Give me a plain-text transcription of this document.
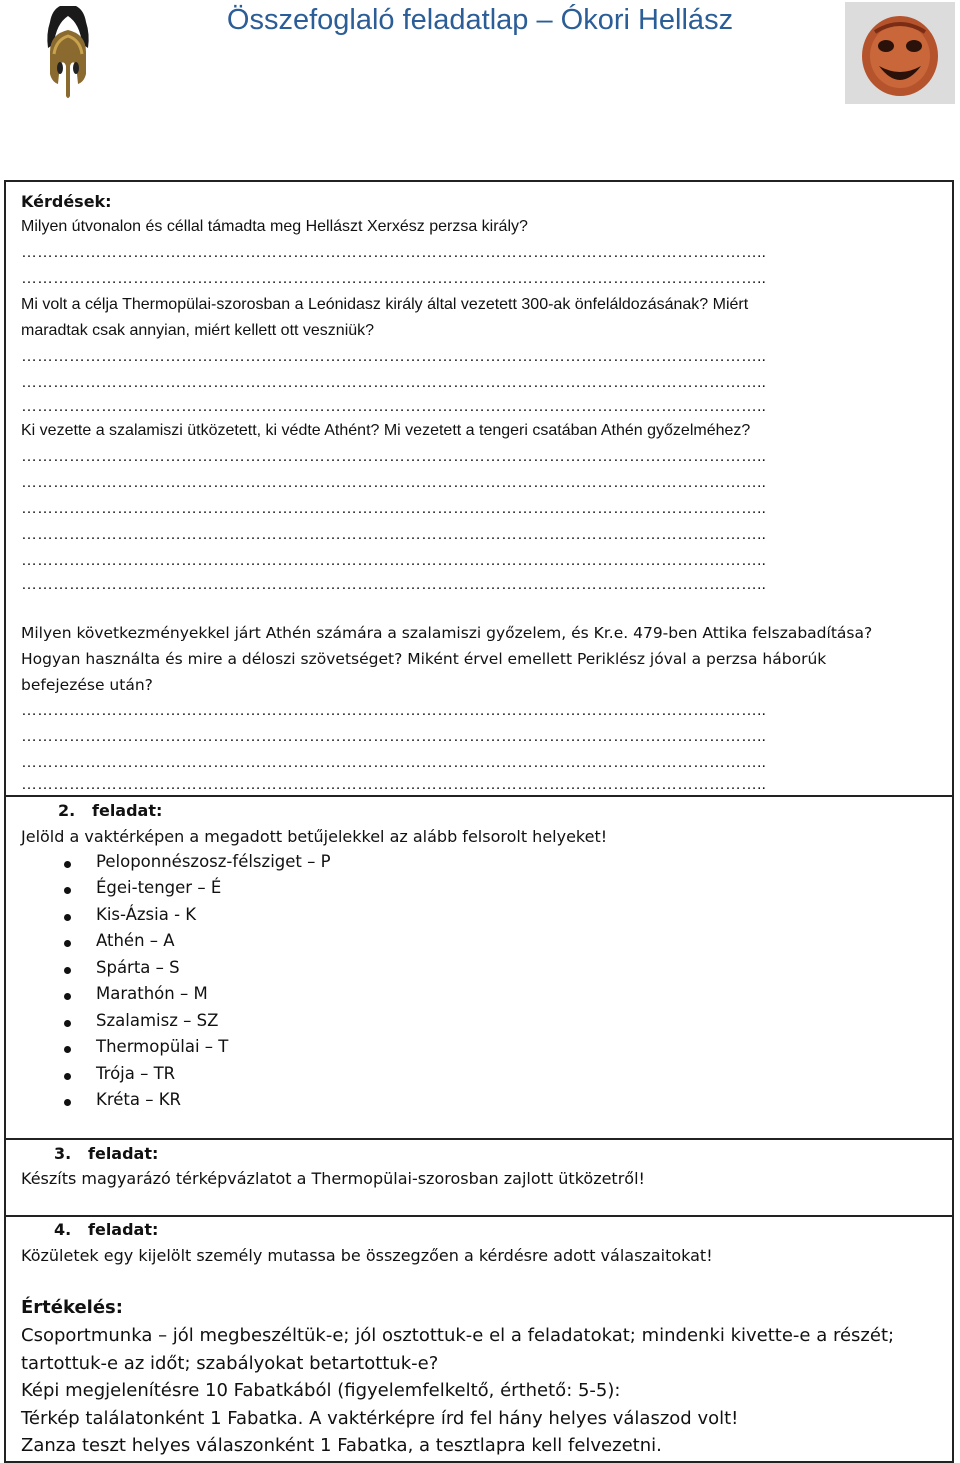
Összefoglaló feladatlap – Ókori Hellász
Kérdések:
Milyen útvonalon és céllal támadta meg Hellászt Xerxész perzsa király?
…………………………………………………………………………………………………………………………..
…………………………………………………………………………………………………………………………..
Mi volt a célja Thermopülai-szorosban a Leónidasz király által vezetett 300-ak önfeláldozásának? Miért
maradtak csak annyian, miért kellett ott veszniük?
…………………………………………………………………………………………………………………………..
…………………………………………………………………………………………………………………………..
…………………………………………………………………………………………………………………………..
Ki vezette a szalamiszi ütközetett, ki védte Athént? Mi vezetett a tengeri csatában Athén győzelméhez?
…………………………………………………………………………………………………………………………..
…………………………………………………………………………………………………………………………..
…………………………………………………………………………………………………………………………..
…………………………………………………………………………………………………………………………..
…………………………………………………………………………………………………………………………..
…………………………………………………………………………………………………………………………..
Milyen következményekkel járt Athén számára a szalamiszi győzelem, és Kr.e. 479-ben Attika felszabadítása?
Hogyan használta és mire a déloszi szövetséget? Miként érvel emellett Periklész jóval a perzsa háborúk
befejezése után?
…………………………………………………………………………………………………………………………..
…………………………………………………………………………………………………………………………..
…………………………………………………………………………………………………………………………..
…………………………………………………………………………………………………………………………..
2. feladat:
Jelöld a vaktérképen a megadott betűjelekkel az alább felsorolt helyeket!
Peloponnészosz-félsziget – P
Égei-tenger – É
Kis-Ázsia - K
Athén – A
Spárta – S
Marathón – M
Szalamisz – SZ
Thermopülai – T
Trója – TR
Kréta – KR
3. feladat:
Készíts magyarázó térképvázlatot a Thermopülai-szorosban zajlott ütközetről!
4. feladat:
Közületek egy kijelölt személy mutassa be összegzően a kérdésre adott válaszaitokat!
Értékelés:
Csoportmunka – jól megbeszéltük-e; jól osztottuk-e el a feladatokat; mindenki kivette-e a részét;
tartottuk-e az időt; szabályokat betartottuk-e?
Képi megjelenítésre 10 Fabatkából (figyelemfelkeltő, érthető: 5-5):
Térkép találatonként 1 Fabatka. A vaktérképre írd fel hány helyes válaszod volt!
Zanza teszt helyes válaszonként 1 Fabatka, a tesztlapra kell felvezetni.
